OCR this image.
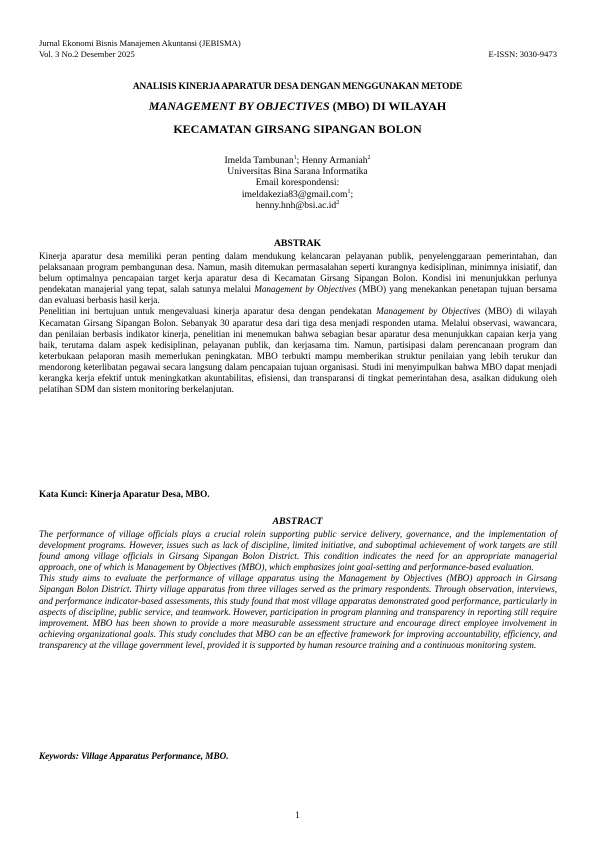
Jurnal Ekonomi Bisnis Manajemen Akuntansi (JEBISMA)
Vol. 3 No.2 Desember 2025	E-ISSN: 3030-9473
ANALISIS KINERJA APARATUR DESA DENGAN MENGGUNAKAN METODE
MANAGEMENT BY OBJECTIVES (MBO) DI WILAYAH
KECAMATAN GIRSANG SIPANGAN BOLON
Imelda Tambunan$^1$; Henny Armaniah$^2$
Universitas Bina Sarana Informatika
Email korespondensi:
imeldakezia83@gmail.com$^1$;
$henny.hnh@bsi.ac.id^2$
ABSTRAK

Kinerja aparatur desa memiliki peran penting dalam mendukung kelancaran pelayanan publik, penyelenggaraan pemerintahan, dan pelaksanaan program pembangunan desa. Namun, masih ditemukan permasalahan seperti kurangnya kedisiplinan, minimnya inisiatif, dan belum optimalnya pencapaian target kerja aparatur desa di Kecamatan Girsang Sipangan Bolon. Kondisi ini menunjukkan perlunya pendekatan manajerial yang tepat, salah satunya melalui Management by Objectives (MBO) yang menekankan penetapan tujuan bersama dan evaluasi berbasis hasil kerja.

Penelitian ini bertujuan untuk mengevaluasi kinerja aparatur desa dengan pendekatan Management by Objectives (MBO) di wilayah Kecamatan Girsang Sipangan Bolon. Sebanyak 30 aparatur desa dari tiga desa menjadi responden utama. Melalui observasi, wawancara, dan penilaian berbasis indikator kinerja, penelitian ini menemukan bahwa sebagian besar aparatur desa menunjukkan capaian kerja yang baik, terutama dalam aspek kedisiplinan, pelayanan publik, dan kerjasama tim. Namun, partisipasi dalam perencanaan program dan keterbukaan pelaporan masih memerlukan peningkatan. MBO terbukti mampu memberikan struktur penilaian yang lebih terukur dan mendorong keterlibatan pegawai secara langsung dalam pencapaian tujuan organisasi. Studi ini menyimpulkan bahwa MBO dapat menjadi kerangka kerja efektif untuk meningkatkan akuntabilitas, efisiensi, dan transparansi di tingkat pemerintahan desa, asalkan didukung oleh pelatihan SDM dan sistem monitoring berkelanjutan.

Kata Kunci: Kinerja Aparatur Desa, MBO.
ABSTRACT

The performance of village officials plays a crucial rolein supporting public service delivery, governance, and the implementation of development programs. However, issues such as lack of discipline, limited initiative, and suboptimal achievement of work targets are still found among village officials in Girsang Sipangan Bolon District. This condition indicates the need for an appropriate managerial approach, one of which is Management by Objectives (MBO), which emphasizes joint goal-setting and performance-based evaluation.

This study aims to evaluate the performance of village apparatus using the Management by Objectives (MBO) approach in Girsang Sipangan Bolon District. Thirty village apparatus from three villages served as the primary respondents. Through observation, interviews, and performance indicator-based assessments, this study found that most village apparatus demonstrated good performance, particularly in aspects of discipline, public service, and teamwork. However, participation in program planning and transparency in reporting still require improvement. MBO has been shown to provide a more measurable assessment structure and encourage direct employee involvement in achieving organizational goals. This study concludes that MBO can be an effective framework for improving accountability, efficiency, and transparency at the village government level, provided it is supported by human resource training and a continuous monitoring system.

Keywords: Village Apparatus Performance, MBO.
1
